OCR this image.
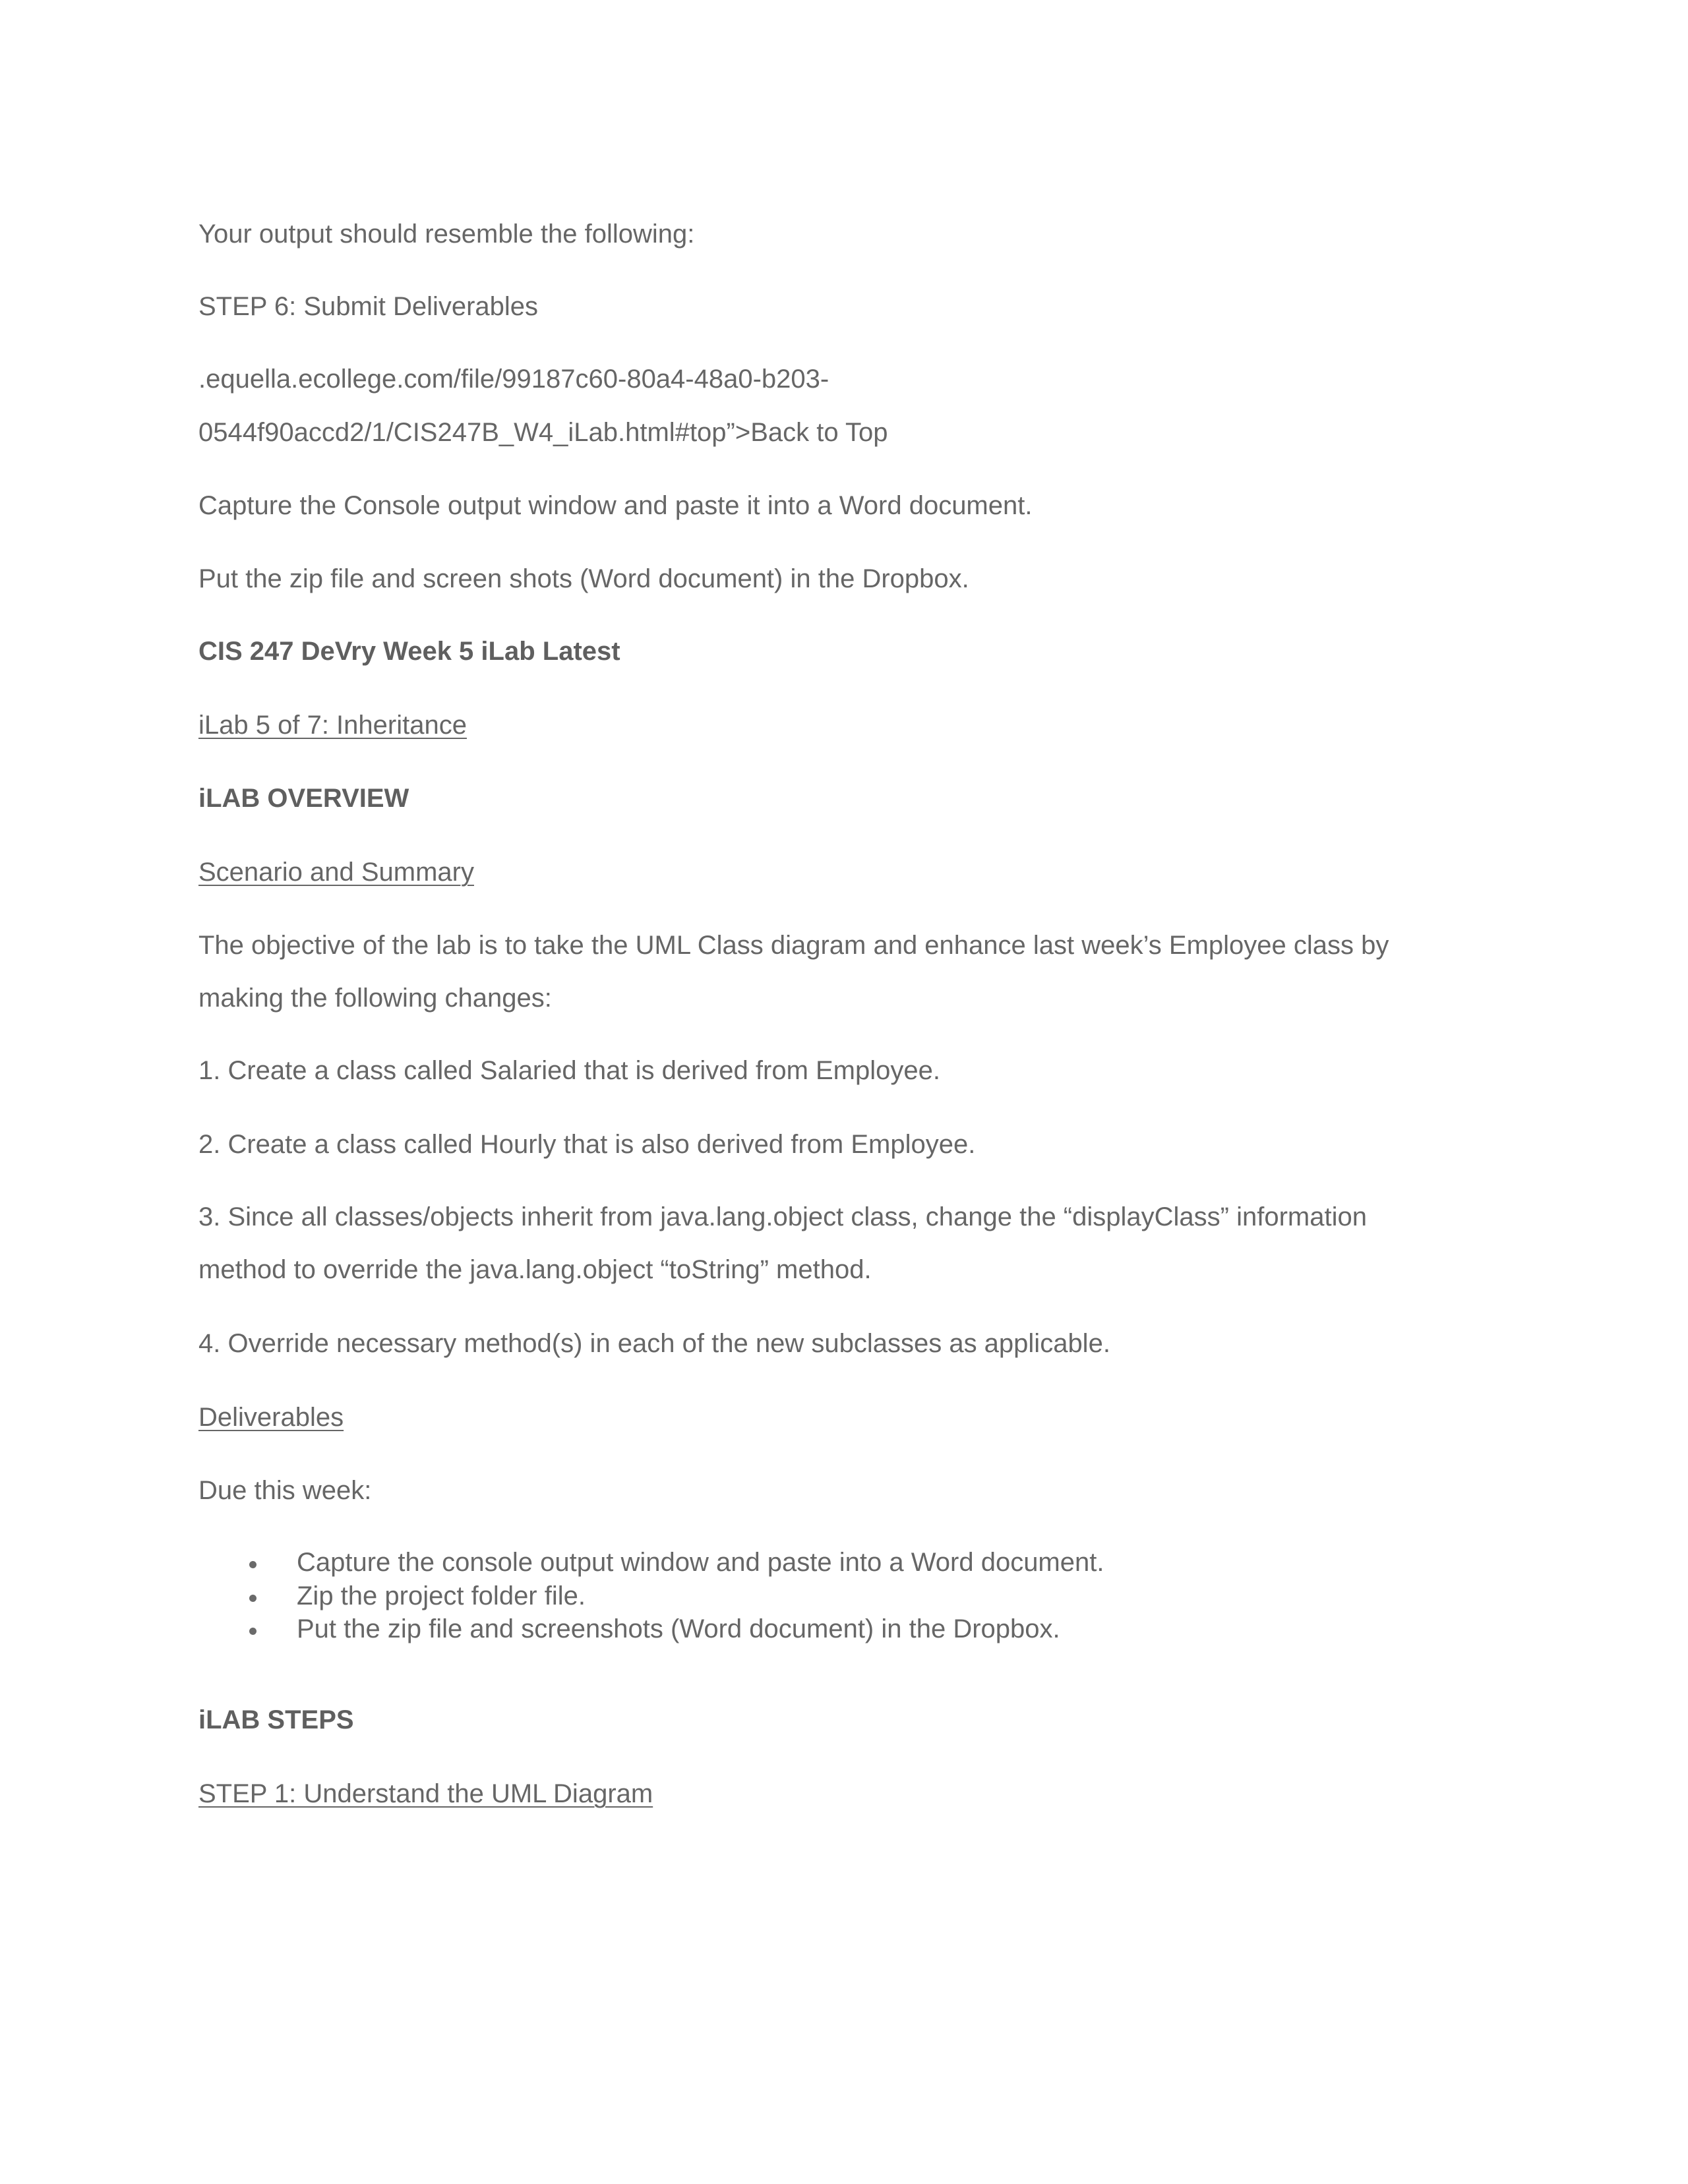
Your output should resemble the following:
STEP 6: Submit Deliverables
.equella.ecollege.com/file/99187c60-80a4-48a0-b203-
0544f90accd2/1/CIS247B_W4_iLab.html#top”>Back to Top
Capture the Console output window and paste it into a Word document.
Put the zip file and screen shots (Word document) in the Dropbox.
CIS 247 DeVry Week 5 iLab Latest
iLab 5 of 7: Inheritance
iLAB OVERVIEW
Scenario and Summary
The objective of the lab is to take the UML Class diagram and enhance last week’s Employee class by
making the following changes:
1. Create a class called Salaried that is derived from Employee.
2. Create a class called Hourly that is also derived from Employee.
3. Since all classes/objects inherit from java.lang.object class, change the “displayClass” information
method to override the java.lang.object “toString” method.
4. Override necessary method(s) in each of the new subclasses as applicable.
Deliverables
Due this week:
Capture the console output window and paste into a Word document.
Zip the project folder file.
Put the zip file and screenshots (Word document) in the Dropbox.
iLAB STEPS
STEP 1: Understand the UML Diagram
